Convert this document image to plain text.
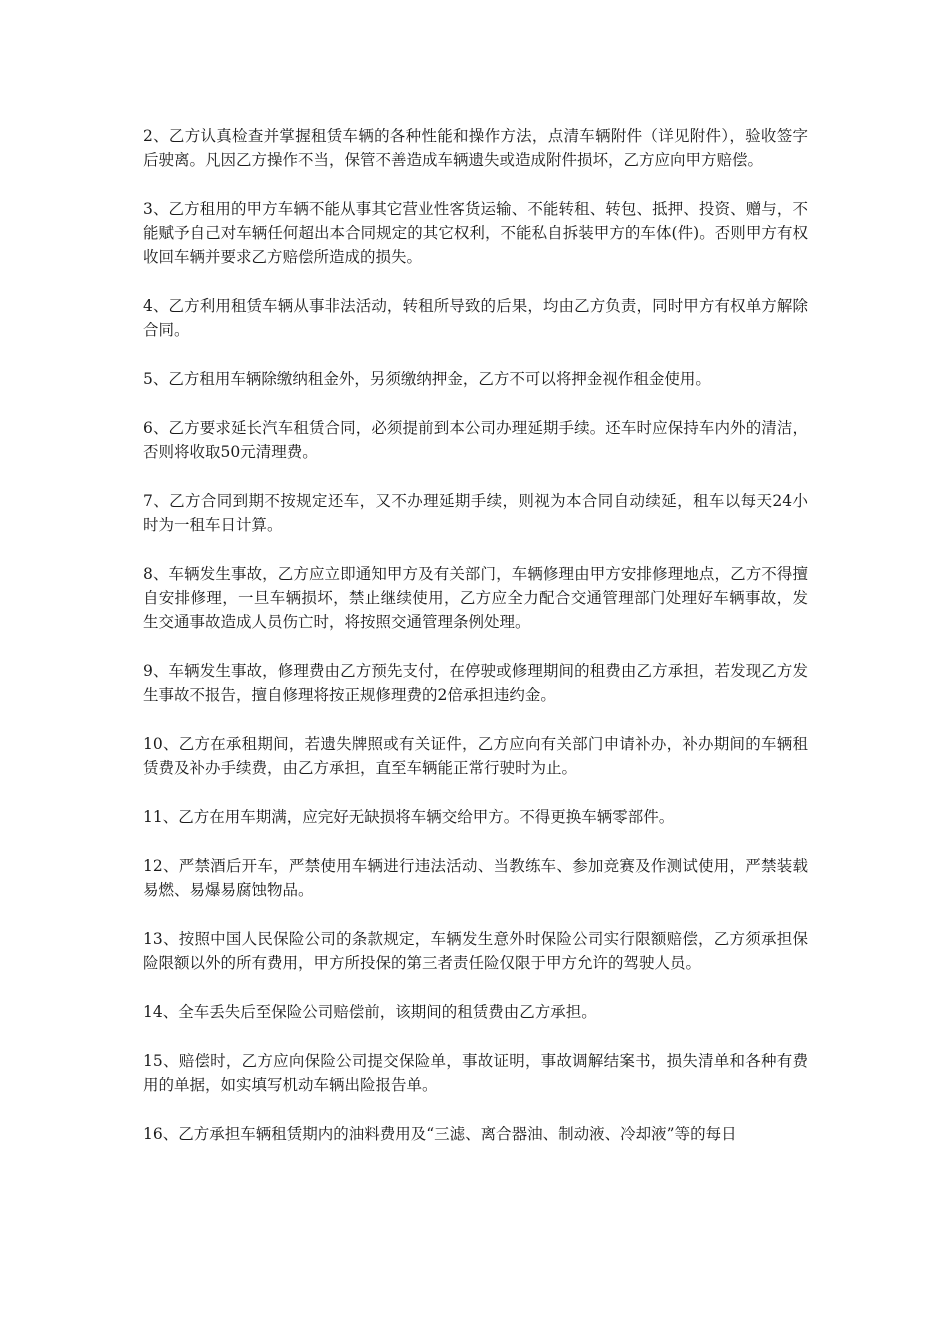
2、乙方认真检查并掌握租赁车辆的各种性能和操作方法，点清车辆附件（详见附件），验收签字后驶离。凡因乙方操作不当，保管不善造成车辆遗失或造成附件损坏，乙方应向甲方赔偿。

3、乙方租用的甲方车辆不能从事其它营业性客货运输、不能转租、转包、抵押、投资、赠与，不能赋予自己对车辆任何超出本合同规定的其它权利，不能私自拆装甲方的车体(件)。否则甲方有权收回车辆并要求乙方赔偿所造成的损失。

4、乙方利用租赁车辆从事非法活动，转租所导致的后果，均由乙方负责，同时甲方有权单方解除合同。

5、乙方租用车辆除缴纳租金外，另须缴纳押金，乙方不可以将押金视作租金使用。

6、乙方要求延长汽车租赁合同，必须提前到本公司办理延期手续。还车时应保持车内外的清洁，否则将收取50元清理费。

7、乙方合同到期不按规定还车，又不办理延期手续，则视为本合同自动续延，租车以每天24小时为一租车日计算。

8、车辆发生事故，乙方应立即通知甲方及有关部门，车辆修理由甲方安排修理地点，乙方不得擅自安排修理，一旦车辆损坏，禁止继续使用，乙方应全力配合交通管理部门处理好车辆事故，发生交通事故造成人员伤亡时，将按照交通管理条例处理。

9、车辆发生事故，修理费由乙方预先支付，在停驶或修理期间的租费由乙方承担，若发现乙方发生事故不报告，擅自修理将按正规修理费的2倍承担违约金。

10、乙方在承租期间，若遗失牌照或有关证件，乙方应向有关部门申请补办，补办期间的车辆租赁费及补办手续费，由乙方承担，直至车辆能正常行驶时为止。

11、乙方在用车期满，应完好无缺损将车辆交给甲方。不得更换车辆零部件。

12、严禁酒后开车，严禁使用车辆进行违法活动、当教练车、参加竞赛及作测试使用，严禁装载易燃、易爆易腐蚀物品。

13、按照中国人民保险公司的条款规定，车辆发生意外时保险公司实行限额赔偿，乙方须承担保险限额以外的所有费用，甲方所投保的第三者责任险仅限于甲方允许的驾驶人员。

14、全车丢失后至保险公司赔偿前，该期间的租赁费由乙方承担。

15、赔偿时，乙方应向保险公司提交保险单，事故证明，事故调解结案书，损失清单和各种有费用的单据，如实填写机动车辆出险报告单。

16、乙方承担车辆租赁期内的油料费用及“三滤、离合器油、制动液、冷却液”等的每日
